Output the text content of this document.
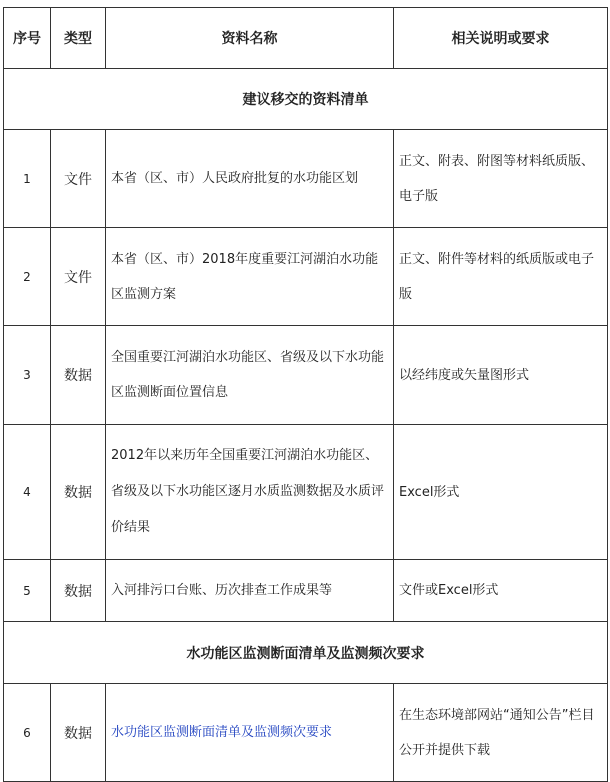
序号	类型	资料名称	相关说明或要求
建议移交的资料清单			
1	文件	本省（区、市）人民政府批复的水功能区划	正文、附表、附图等材料纸质版、电子版
2	文件	本省（区、市）2018年度重要江河湖泊水功能区监测方案	正文、附件等材料的纸质版或电子版
3	数据	全国重要江河湖泊水功能区、省级及以下水功能区监测断面位置信息	以经纬度或矢量图形式
4	数据	2012年以来历年全国重要江河湖泊水功能区、省级及以下水功能区逐月水质监测数据及水质评价结果	Excel形式
5	数据	入河排污口台账、历次排查工作成果等	文件或Excel形式
水功能区监测断面清单及监测频次要求			
6	数据	水功能区监测断面清单及监测频次要求	在生态环境部网站“通知公告”栏目公开并提供下载
